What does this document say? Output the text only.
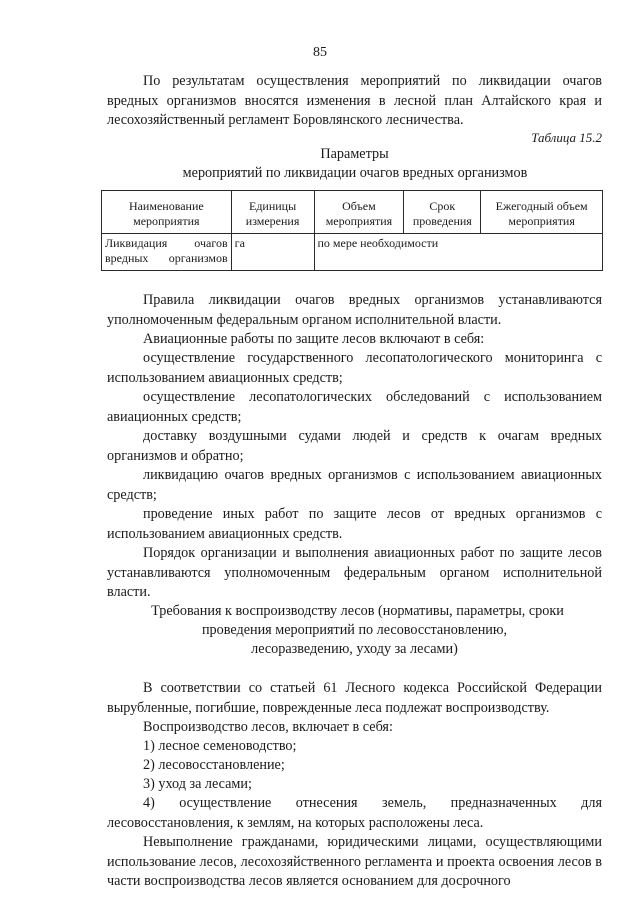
85

По результатам осуществления мероприятий по ликвидации очагов вредных организмов вносятся изменения в лесной план Алтайского края и лесохозяйственный регламент Боровлянского лесничества.

Таблица 15.2

Параметры

мероприятий по ликвидации очагов вредных организмов

Наименование мероприятия	Единицы измерения	Объем мероприятия	Срок проведения	Ежегодный объем мероприятия
Ликвидация очагов вредных организмов	га	по мере необходимости		

Правила ликвидации очагов вредных организмов устанавливаются уполномоченным федеральным органом исполнительной власти.

Авиационные работы по защите лесов включают в себя:

осуществление государственного лесопатологического мониторинга с использованием авиационных средств;

осуществление лесопатологических обследований с использованием авиационных средств;

доставку воздушными судами людей и средств к очагам вредных организмов и обратно;

ликвидацию очагов вредных организмов с использованием авиационных средств;

проведение иных работ по защите лесов от вредных организмов с использованием авиационных средств.

Порядок организации и выполнения авиационных работ по защите лесов устанавливаются уполномоченным федеральным органом исполнительной власти.

Требования к воспроизводству лесов (нормативы, параметры, сроки

проведения мероприятий по лесовосстановлению,

лесоразведению, уходу за лесами)

В соответствии со статьей 61 Лесного кодекса Российской Федерации вырубленные, погибшие, поврежденные леса подлежат воспроизводству.

Воспроизводство лесов, включает в себя:

1) лесное семеноводство;

2) лесовосстановление;

3) уход за лесами;

4) осуществление отнесения земель, предназначенных для лесовосстановления, к землям, на которых расположены леса.

Невыполнение гражданами, юридическими лицами, осуществляющими использование лесов, лесохозяйственного регламента и проекта освоения лесов в части воспроизводства лесов является основанием для досрочного
